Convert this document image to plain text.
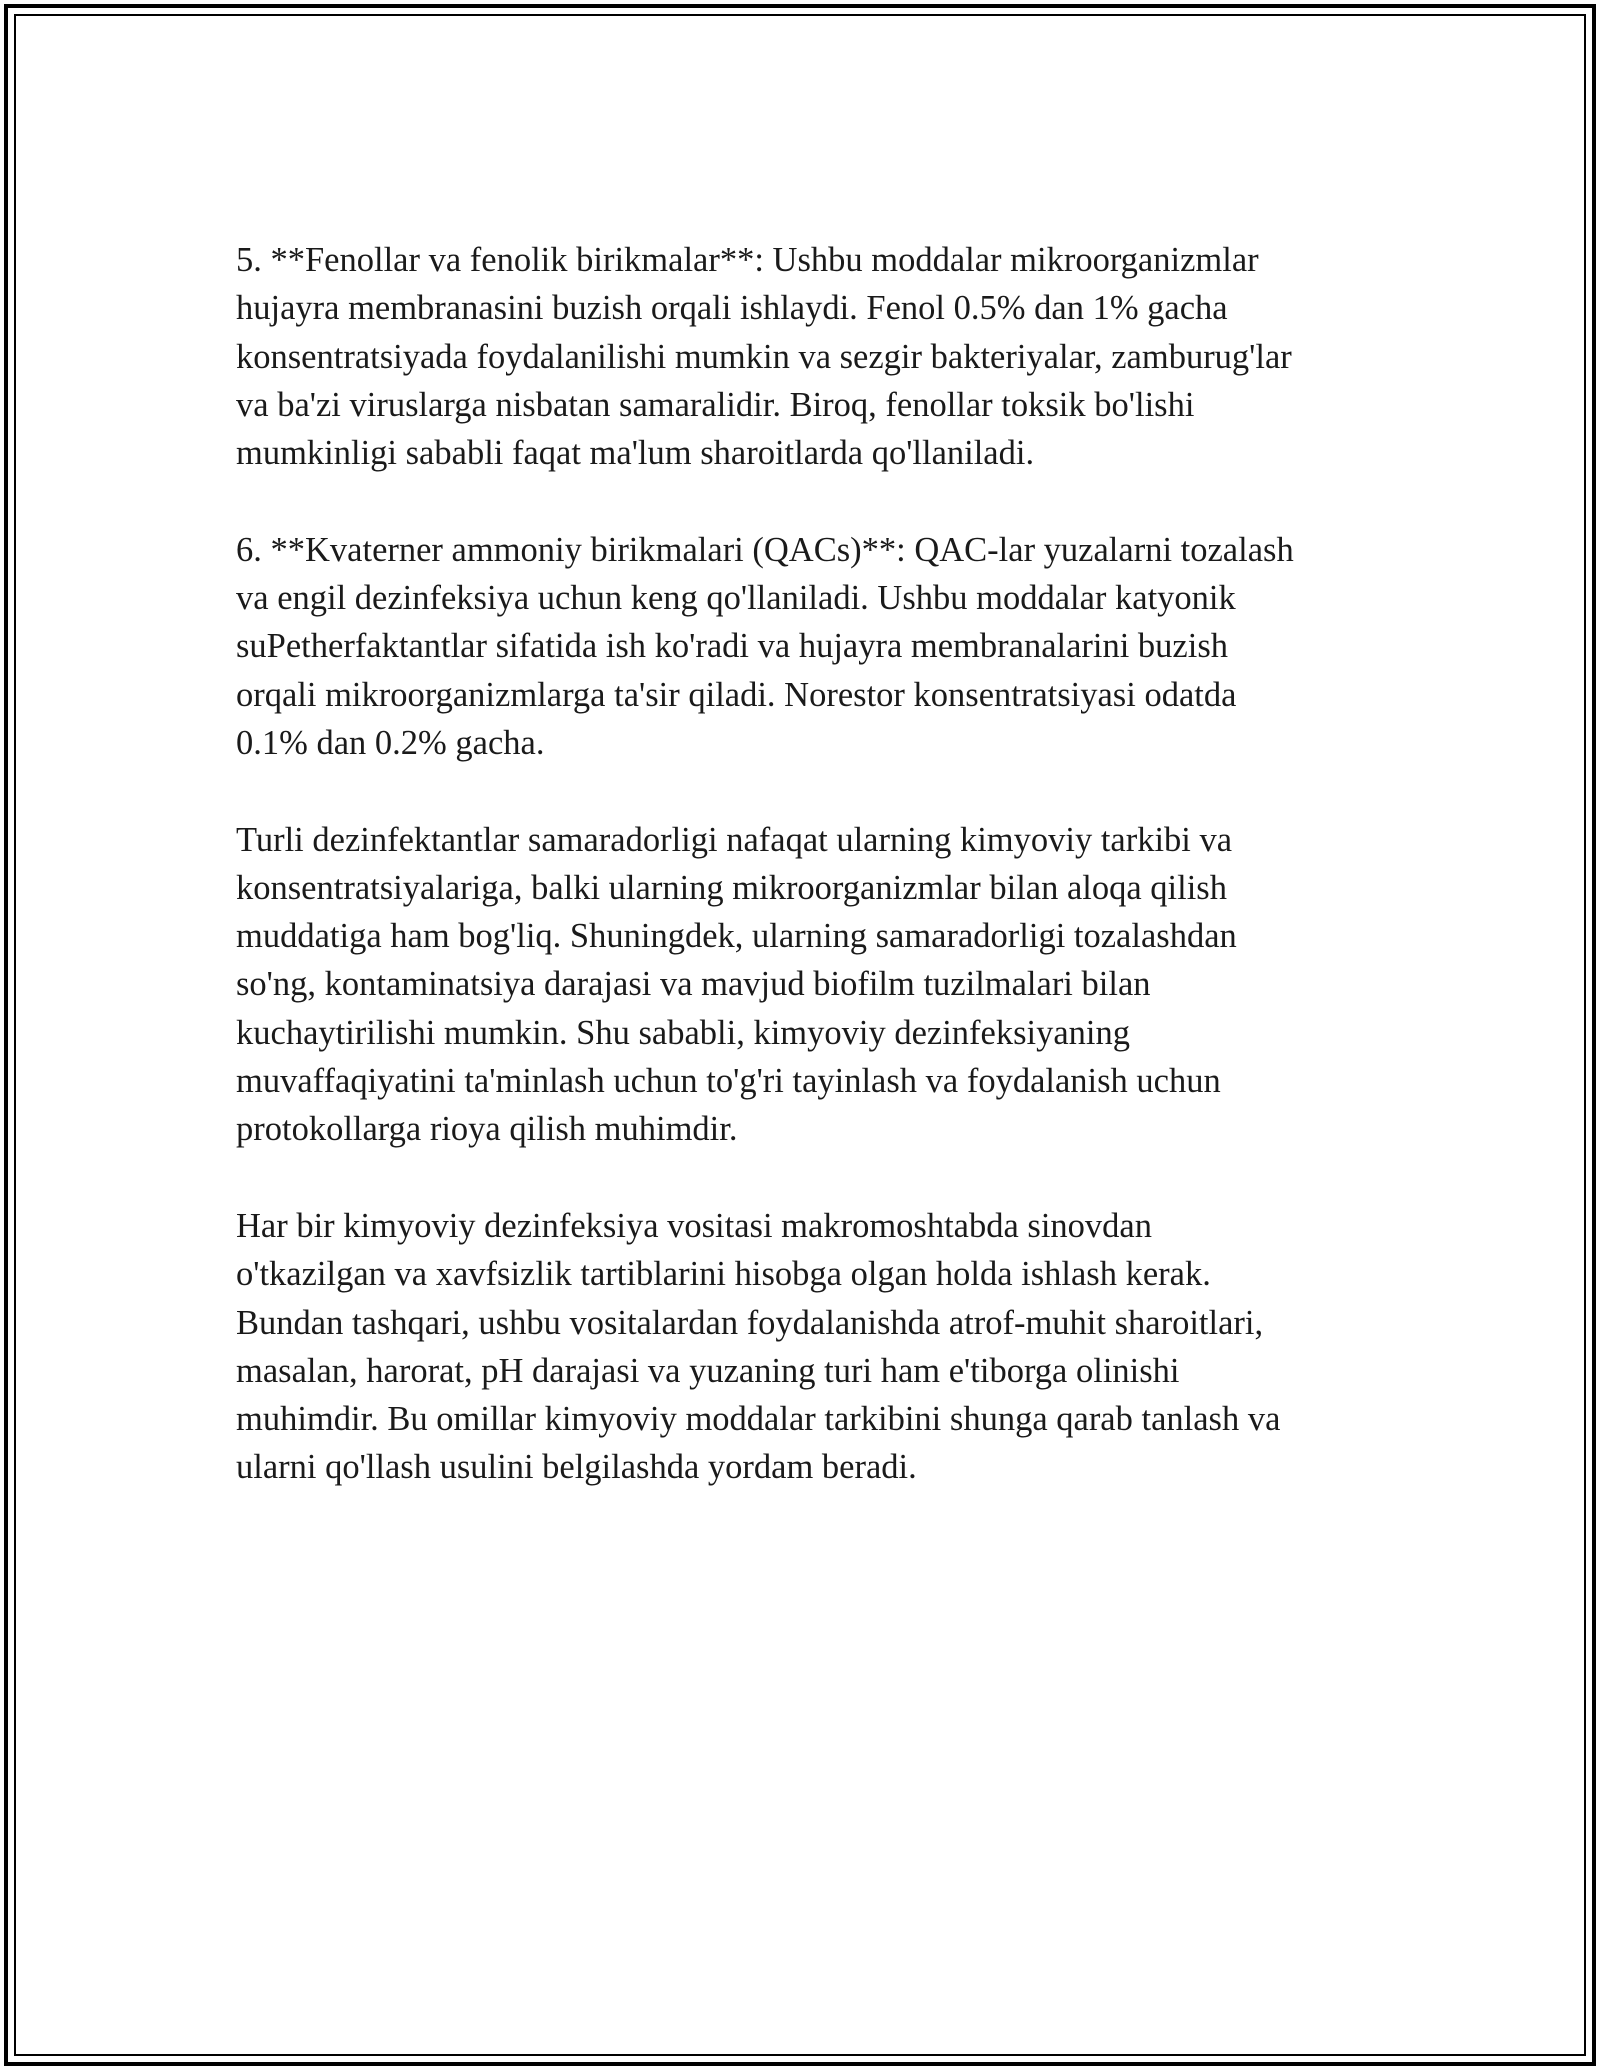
5. **Fenollar va fenolik birikmalar**: Ushbu moddalar mikroorganizmlar
hujayra membranasini buzish orqali ishlaydi. Fenol 0.5% dan 1% gacha
konsentratsiyada foydalanilishi mumkin va sezgir bakteriyalar, zamburug'lar
va ba'zi viruslarga nisbatan samaralidir. Biroq, fenollar toksik bo'lishi
mumkinligi sababli faqat ma'lum sharoitlarda qo'llaniladi.

6. **Kvaterner ammoniy birikmalari (QACs)**: QAC-lar yuzalarni tozalash
va engil dezinfeksiya uchun keng qo'llaniladi. Ushbu moddalar katyonik
suPetherfaktantlar sifatida ish ko'radi va hujayra membranalarini buzish
orqali mikroorganizmlarga ta'sir qiladi. Norestor konsentratsiyasi odatda
0.1% dan 0.2% gacha.

Turli dezinfektantlar samaradorligi nafaqat ularning kimyoviy tarkibi va
konsentratsiyalariga, balki ularning mikroorganizmlar bilan aloqa qilish
muddatiga ham bog'liq. Shuningdek, ularning samaradorligi tozalashdan
so'ng, kontaminatsiya darajasi va mavjud biofilm tuzilmalari bilan
kuchaytirilishi mumkin. Shu sababli, kimyoviy dezinfeksiyaning
muvaffaqiyatini ta'minlash uchun to'g'ri tayinlash va foydalanish uchun
protokollarga rioya qilish muhimdir.

Har bir kimyoviy dezinfeksiya vositasi makromoshtabda sinovdan
o'tkazilgan va xavfsizlik tartiblarini hisobga olgan holda ishlash kerak.
Bundan tashqari, ushbu vositalardan foydalanishda atrof-muhit sharoitlari,
masalan, harorat, pH darajasi va yuzaning turi ham e'tiborga olinishi
muhimdir. Bu omillar kimyoviy moddalar tarkibini shunga qarab tanlash va
ularni qo'llash usulini belgilashda yordam beradi.
